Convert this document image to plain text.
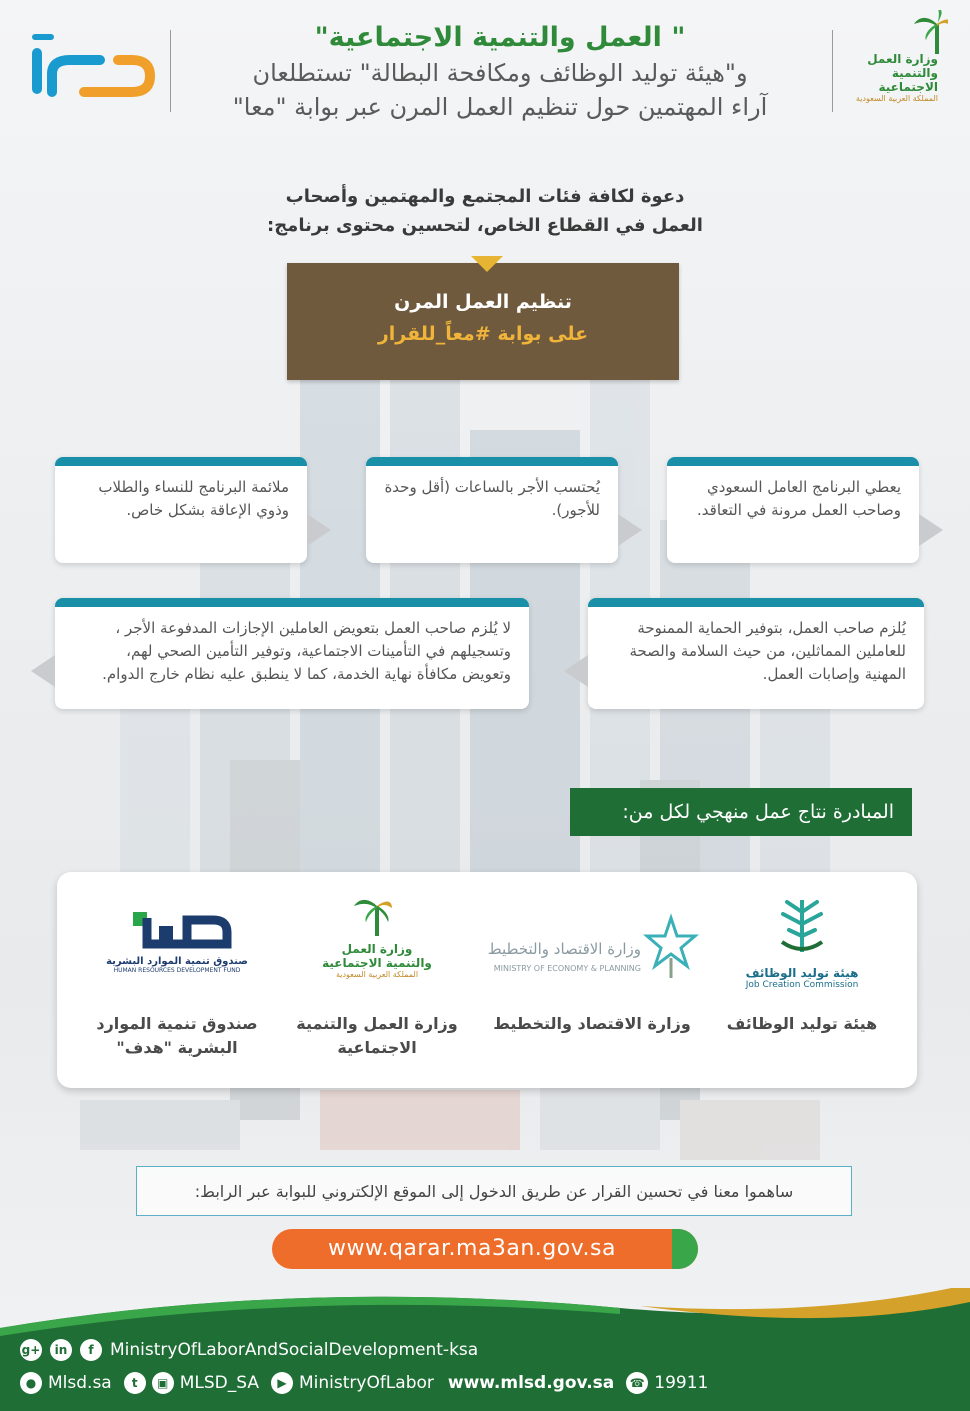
وزارة العمل
والتنمية الاجتماعية
المملكة العربية السعودية
" العمل والتنمية الاجتماعية"
و"هيئة توليد الوظائف ومكافحة البطالة" تستطلعان
آراء المهتمين حول تنظيم العمل المرن عبر بوابة "معا"
دعوة لكافة فئات المجتمع والمهتمين وأصحاب
العمل في القطاع الخاص، لتحسين محتوى برنامج:
تنظيم العمل المرن
على بوابة #معاً_للقرار
يعطي البرنامج العامل السعودي وصاحب العمل مرونة في التعاقد.
يُحتسب الأجر بالساعات (أقل وحدة للأجور).
ملائمة البرنامج للنساء والطلاب وذوي الإعاقة بشكل خاص.
يُلزم صاحب العمل، بتوفير الحماية الممنوحة للعاملين المماثلين، من حيث السلامة والصحة المهنية وإصابات العمل.
لا يُلزم صاحب العمل بتعويض العاملين الإجازات المدفوعة الأجر ، وتسجيلهم في التأمينات الاجتماعية، وتوفير التأمين الصحي لهم، وتعويض مكافأة نهاية الخدمة، كما لا ينطبق عليه نظام خارج الدوام.
المبادرة نتاج عمل منهجي لكل من:
هيئة توليد الوظائف
Job Creation Commission
هيئة توليد الوظائف
وزارة الاقتصاد والتخطيط
MINISTRY OF ECONOMY & PLANNING
وزارة الاقتصاد والتخطيط
وزارة العمل
والتنمية الاجتماعية
المملكة العربية السعودية
وزارة العمل والتنمية
الاجتماعية
صندوق تنمية الموارد البشرية
HUMAN RESOURCES DEVELOPMENT FUND
صندوق تنمية الموارد
البشرية "هدف"
ساهموا معنا في تحسين القرار عن طريق الدخول إلى الموقع الإلكتروني للبوابة عبر الرابط:
www.qarar.ma3an.gov.sa
g+	in	f MinistryOfLaborAndSocialDevelopment-ksa
● Mlsd.sa	t	▣ MLSD_SA	▶ MinistryOfLabor www.mlsd.gov.sa ☎ 19911
